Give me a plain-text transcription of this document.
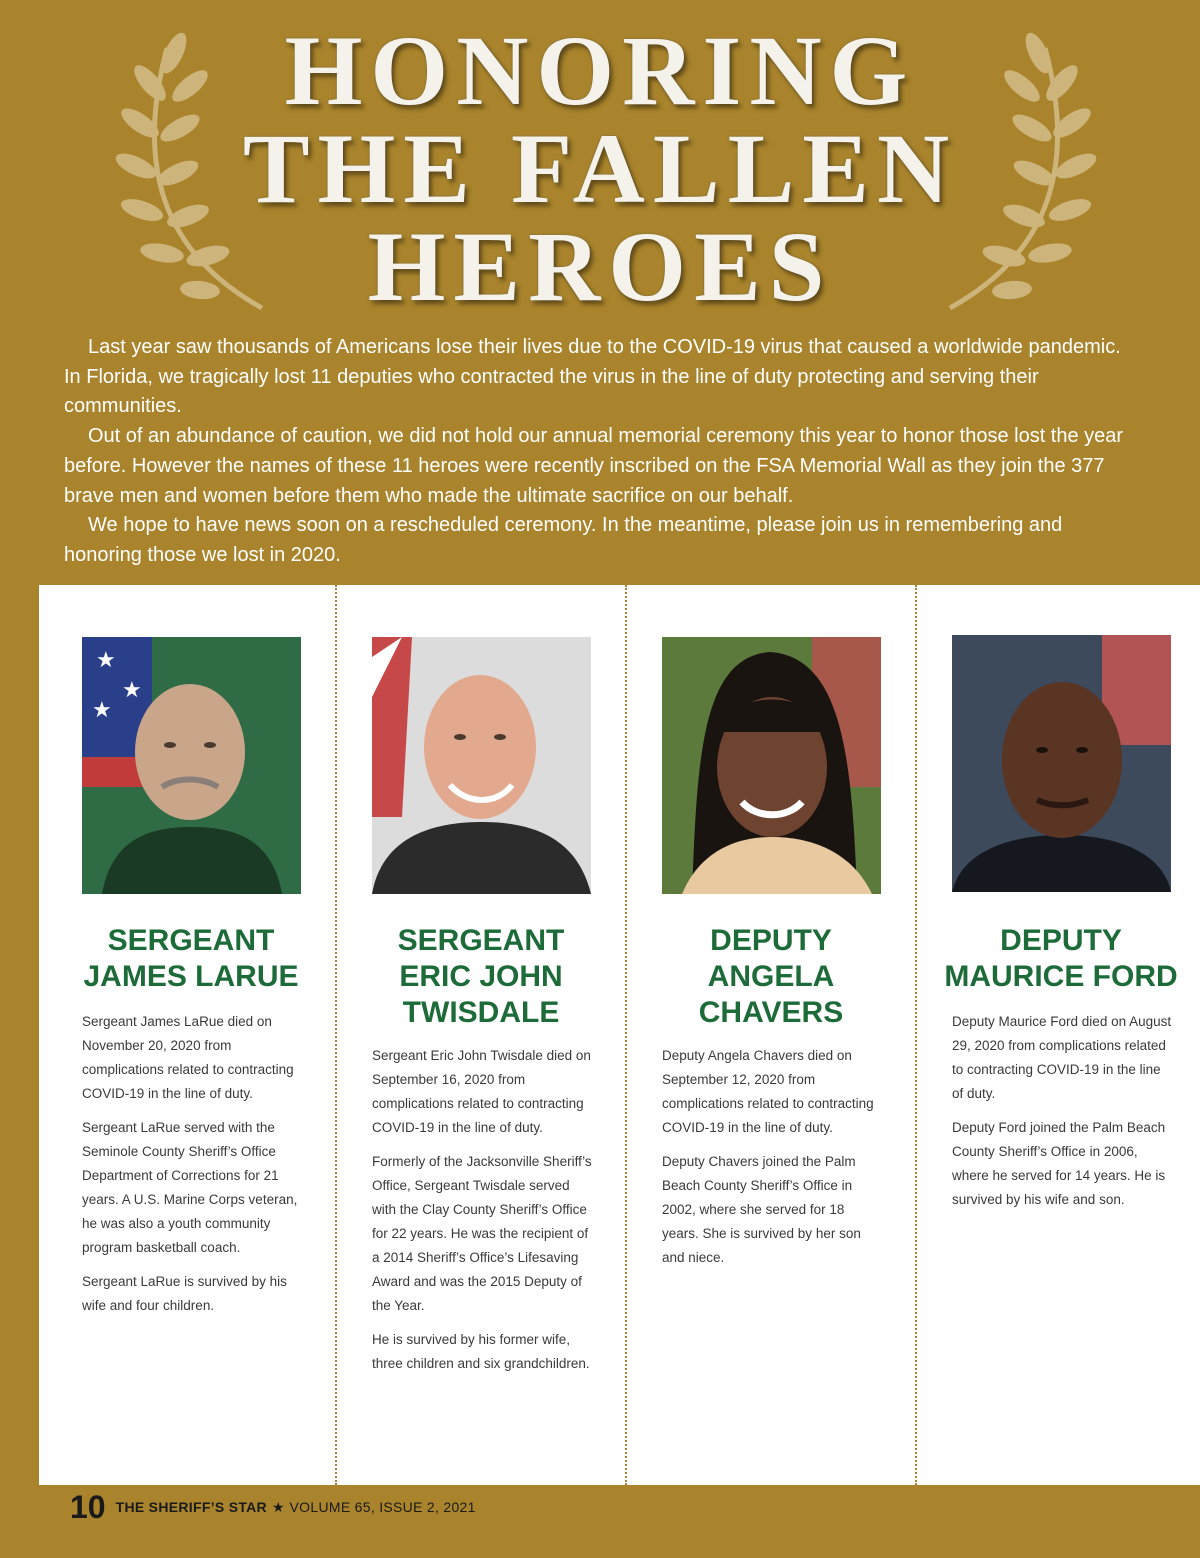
HONORING
THE FALLEN
HEROES

Last year saw thousands of Americans lose their lives due to the COVID-19 virus that caused a worldwide pandemic. In Florida, we tragically lost 11 deputies who contracted the virus in the line of duty protecting and serving their communities.

Out of an abundance of caution, we did not hold our annual memorial ceremony this year to honor those lost the year before. However the names of these 11 heroes were recently inscribed on the FSA Memorial Wall as they join the 377 brave men and women before them who made the ultimate sacrifice on our behalf.

We hope to have news soon on a rescheduled ceremony. In the meantime, please join us in remembering and honoring those we lost in 2020.

★
★
★
SERGEANT
JAMES LARUE

Sergeant James LaRue died on November 20, 2020 from complications related to contracting COVID-19 in the line of duty.

Sergeant LaRue served with the Seminole County Sheriff’s Office Department of Corrections for 21 years. A U.S. Marine Corps veteran, he was also a youth community program basketball coach.

Sergeant LaRue is survived by his wife and four children.

SERGEANT
ERIC JOHN
TWISDALE

Sergeant Eric John Twisdale died on September 16, 2020 from complications related to contracting COVID-19 in the line of duty.

Formerly of the Jacksonville Sheriff’s Office, Sergeant Twisdale served with the Clay County Sheriff’s Office for 22 years. He was the recipient of a 2014 Sheriff’s Office’s Lifesaving Award and was the 2015 Deputy of the Year.

He is survived by his former wife, three children and six grandchildren.

DEPUTY
ANGELA
CHAVERS

Deputy Angela Chavers died on September 12, 2020 from complications related to contracting COVID-19 in the line of duty.

Deputy Chavers joined the Palm Beach County Sheriff’s Office in 2002, where she served for 18 years. She is survived by her son and niece.

DEPUTY
MAURICE FORD

Deputy Maurice Ford died on August 29, 2020 from complications related to contracting COVID-19 in the line of duty.

Deputy Ford joined the Palm Beach County Sheriff’s Office in 2006, where he served for 14 years. He is survived by his wife and son.

10 THE SHERIFF’S STAR ★ VOLUME 65, ISSUE 2, 2021
